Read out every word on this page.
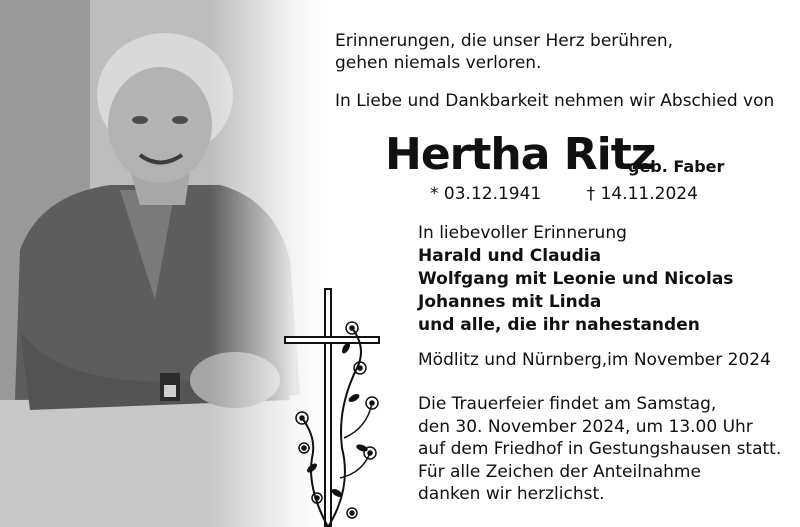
Erinnerungen, die unser Herz berühren,
gehen niemals verloren.
In Liebe und Dankbarkeit nehmen wir Abschied von
Hertha Ritz
geb. Faber
* 03.12.1941	† 14.11.2024
In liebevoller Erinnerung
Harald und Claudia
Wolfgang mit Leonie und Nicolas
Johannes mit Linda
und alle, die ihr nahestanden
Mödlitz und Nürnberg,im November 2024
Die Trauerfeier findet am Samstag,
den 30. November 2024, um 13.00 Uhr
auf dem Friedhof in Gestungshausen statt.
Für alle Zeichen der Anteilnahme
danken wir herzlichst.
